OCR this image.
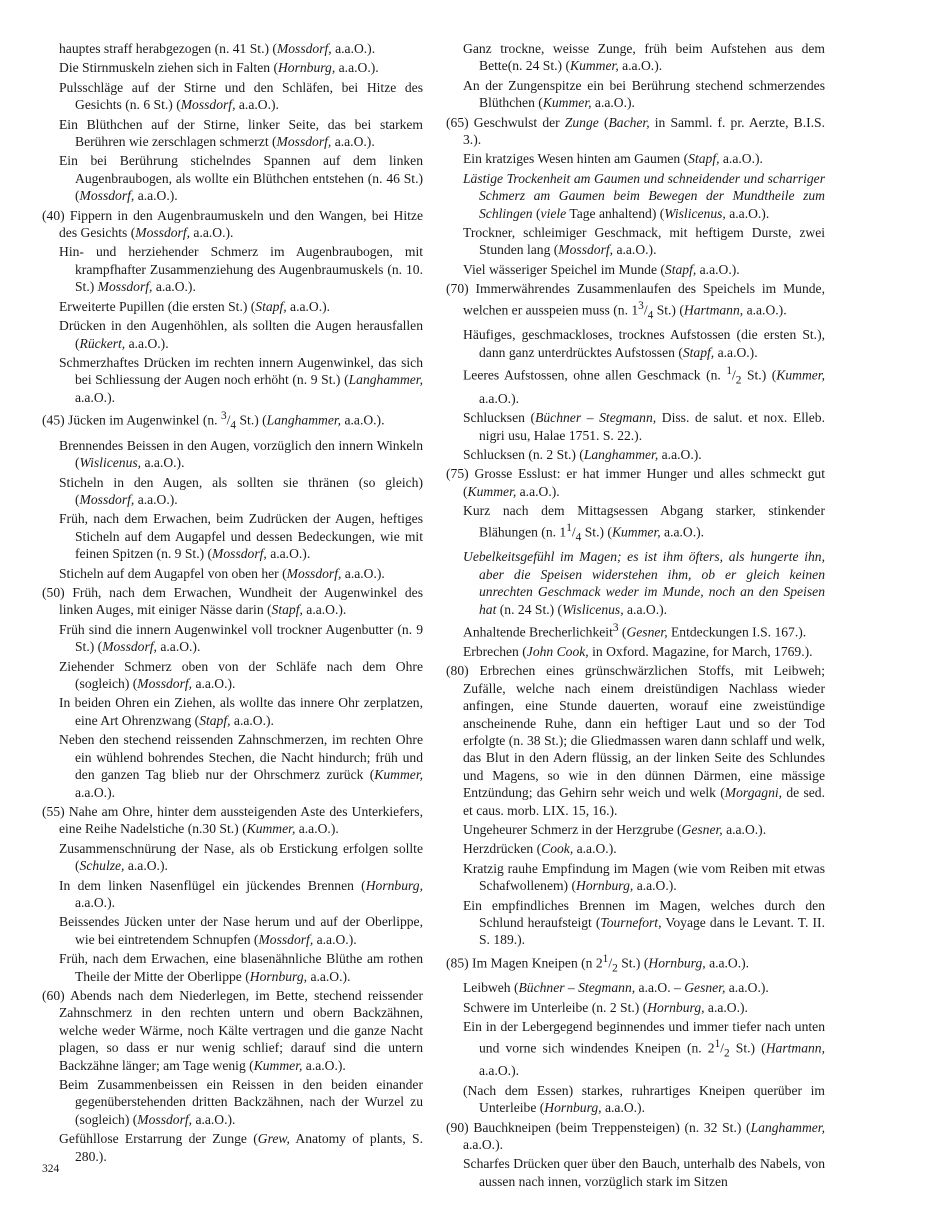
hauptes straff herabgezogen (n. 41 St.) (Mossdorf, a.a.O.).

Die Stirnmuskeln ziehen sich in Falten (Hornburg, a.a.O.).

Pulsschläge auf der Stirne und den Schläfen, bei Hitze des Gesichts (n. 6 St.) (Mossdorf, a.a.O.).

Ein Blüthchen auf der Stirne, linker Seite, das bei starkem Berühren wie zerschlagen schmerzt (Mossdorf, a.a.O.).

Ein bei Berührung stichelndes Spannen auf dem linken Augenbraubogen, als wollte ein Blüthchen entstehen (n. 46 St.) (Mossdorf, a.a.O.).

(40) Fippern in den Augenbraumuskeln und den Wangen, bei Hitze des Gesichts (Mossdorf, a.a.O.).

Hin- und herziehender Schmerz im Augenbraubogen, mit krampfhafter Zusammenziehung des Augenbraumuskels (n. 10. St.) Mossdorf, a.a.O.).

Erweiterte Pupillen (die ersten St.) (Stapf, a.a.O.).

Drücken in den Augenhöhlen, als sollten die Augen herausfallen (Rückert, a.a.O.).

Schmerzhaftes Drücken im rechten innern Augenwinkel, das sich bei Schliessung der Augen noch erhöht (n. 9 St.) (Langhammer, a.a.O.).

(45) Jücken im Augenwinkel (n. $^3/_4$ St.) (Langhammer, a.a.O.).

Brennendes Beissen in den Augen, vorzüglich den innern Winkeln (Wislicenus, a.a.O.).

Sticheln in den Augen, als sollten sie thränen (so gleich) (Mossdorf, a.a.O.).

Früh, nach dem Erwachen, beim Zudrücken der Augen, heftiges Sticheln auf dem Augapfel und dessen Bedeckungen, wie mit feinen Spitzen (n. 9 St.) (Mossdorf, a.a.O.).

Sticheln auf dem Augapfel von oben her (Mossdorf, a.a.O.).

(50) Früh, nach dem Erwachen, Wundheit der Augenwinkel des linken Auges, mit einiger Nässe darin (Stapf, a.a.O.).

Früh sind die innern Augenwinkel voll trockner Augenbutter (n. 9 St.) (Mossdorf, a.a.O.).

Ziehender Schmerz oben von der Schläfe nach dem Ohre (sogleich) (Mossdorf, a.a.O.).

In beiden Ohren ein Ziehen, als wollte das innere Ohr zerplatzen, eine Art Ohrenzwang (Stapf, a.a.O.).

Neben den stechend reissenden Zahnschmerzen, im rechten Ohre ein wühlend bohrendes Stechen, die Nacht hindurch; früh und den ganzen Tag blieb nur der Ohrschmerz zurück (Kummer, a.a.O.).

(55) Nahe am Ohre, hinter dem aussteigenden Aste des Unterkiefers, eine Reihe Nadelstiche (n.30 St.) (Kummer, a.a.O.).

Zusammenschnürung der Nase, als ob Erstickung erfolgen sollte (Schulze, a.a.O.).

In dem linken Nasenflügel ein jückendes Brennen (Hornburg, a.a.O.).

Beissendes Jücken unter der Nase herum und auf der Oberlippe, wie bei eintretendem Schnupfen (Mossdorf, a.a.O.).

Früh, nach dem Erwachen, eine blasenähnliche Blüthe am rothen Theile der Mitte der Oberlippe (Hornburg, a.a.O.).

(60) Abends nach dem Niederlegen, im Bette, stechend reissender Zahnschmerz in den rechten untern und obern Backzähnen, welche weder Wärme, noch Kälte vertragen und die ganze Nacht plagen, so dass er nur wenig schlief; darauf sind die untern Backzähne länger; am Tage wenig (Kummer, a.a.O.).

Beim Zusammenbeissen ein Reissen in den beiden einander gegenüberstehenden dritten Backzähnen, nach der Wurzel zu (sogleich) (Mossdorf, a.a.O.).

Gefühllose Erstarrung der Zunge (Grew, Anatomy of plants, S. 280.).

Ganz trockne, weisse Zunge, früh beim Aufstehen aus dem Bette(n. 24 St.) (Kummer, a.a.O.).

An der Zungenspitze ein bei Berührung stechend schmerzendes Blüthchen (Kummer, a.a.O.).

(65) Geschwulst der Zunge (Bacher, in Samml. f. pr. Aerzte, B.I.S. 3.).

Ein kratziges Wesen hinten am Gaumen (Stapf, a.a.O.).

Lästige Trockenheit am Gaumen und schneidender und scharriger Schmerz am Gaumen beim Bewegen der Mundtheile zum Schlingen (viele Tage anhaltend) (Wislicenus, a.a.O.).

Trockner, schleimiger Geschmack, mit heftigem Durste, zwei Stunden lang (Mossdorf, a.a.O.).

Viel wässeriger Speichel im Munde (Stapf, a.a.O.).

(70) Immerwährendes Zusammenlaufen des Speichels im Munde, welchen er ausspeien muss (n. $1^3/_4$ St.) (Hartmann, a.a.O.).

Häufiges, geschmackloses, trocknes Aufstossen (die ersten St.), dann ganz unterdrücktes Aufstossen (Stapf, a.a.O.).

Leeres Aufstossen, ohne allen Geschmack (n. $^1/_2$ St.) (Kummer, a.a.O.).

Schlucksen (Büchner – Stegmann, Diss. de salut. et nox. Elleb. nigri usu, Halae 1751. S. 22.).

Schlucksen (n. 2 St.) (Langhammer, a.a.O.).

(75) Grosse Esslust: er hat immer Hunger und alles schmeckt gut (Kummer, a.a.O.).

Kurz nach dem Mittagsessen Abgang starker, stinkender Blähungen (n. $1^1/_4$ St.) (Kummer, a.a.O.).

Uebelkeitsgefühl im Magen; es ist ihm öfters, als hungerte ihn, aber die Speisen widerstehen ihm, ob er gleich keinen unrechten Geschmack weder im Munde, noch an den Speisen hat (n. 24 St.) (Wislicenus, a.a.O.).

Anhaltende Brecherlichkeit$^3$ (Gesner, Entdeckungen I.S. 167.).

Erbrechen (John Cook, in Oxford. Magazine, for March, 1769.).

(80) Erbrechen eines grünschwärzlichen Stoffs, mit Leibweh; Zufälle, welche nach einem dreistündigen Nachlass wieder anfingen, eine Stunde dauerten, worauf eine zweistündige anscheinende Ruhe, dann ein heftiger Laut und so der Tod erfolgte (n. 38 St.); die Gliedmassen waren dann schlaff und welk, das Blut in den Adern flüssig, an der linken Seite des Schlundes und Magens, so wie in den dünnen Därmen, eine mässige Entzündung; das Gehirn sehr weich und welk (Morgagni, de sed. et caus. morb. LIX. 15, 16.).

Ungeheurer Schmerz in der Herzgrube (Gesner, a.a.O.).

Herzdrücken (Cook, a.a.O.).

Kratzig rauhe Empfindung im Magen (wie vom Reiben mit etwas Schafwollenem) (Hornburg, a.a.O.).

Ein empfindliches Brennen im Magen, welches durch den Schlund heraufsteigt (Tournefort, Voyage dans le Levant. T. II. S. 189.).

(85) Im Magen Kneipen (n $2^1/_2$ St.) (Hornburg, a.a.O.).

Leibweh (Büchner – Stegmann, a.a.O. – Gesner, a.a.O.).

Schwere im Unterleibe (n. 2 St.) (Hornburg, a.a.O.).

Ein in der Lebergegend beginnendes und immer tiefer nach unten und vorne sich windendes Kneipen (n. $2^1/_2$ St.) (Hartmann, a.a.O.).

(Nach dem Essen) starkes, ruhrartiges Kneipen querüber im Unterleibe (Hornburg, a.a.O.).

(90) Bauchkneipen (beim Treppensteigen) (n. 32 St.) (Langhammer, a.a.O.).

Scharfes Drücken quer über den Bauch, unterhalb des Nabels, von aussen nach innen, vorzüglich stark im Sitzen

324
